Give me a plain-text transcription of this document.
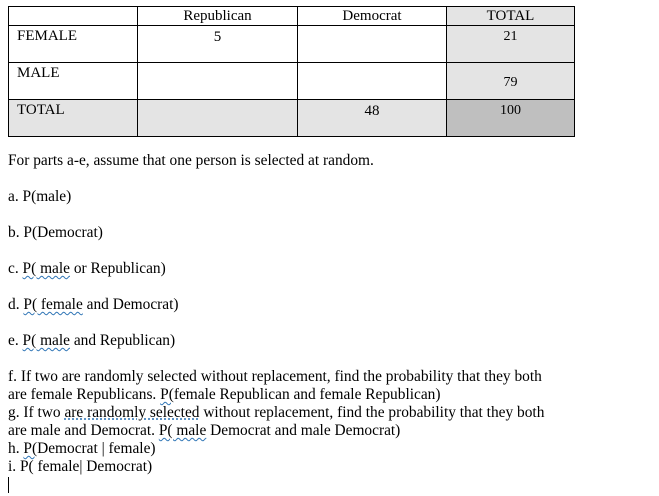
	Republican	Democrat	TOTAL

FEMALE	5		21

MALE			79

TOTAL		48	100

For parts a-e, assume that one person is selected at random.

a. P(male)

b. P(Democrat)

c. P( male or Republican)

d. P( female and Democrat)

e. P( male and Republican)

f. If two are randomly selected without replacement, find the probability that they both

are female Republicans. P(female Republican and female Republican)

g. If two are randomly selected without replacement, find the probability that they both

are male and Democrat. P( male Democrat and male Democrat)

h. P(Democrat | female)

i. P( female| Democrat)
